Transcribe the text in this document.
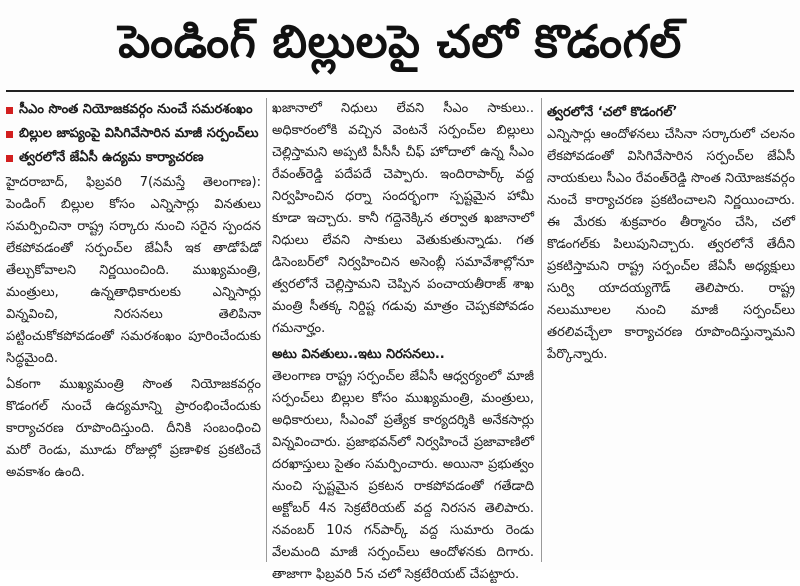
పెండింగ్ బిల్లులపై చలో కొడంగల్
సీఎం సొంత నియోజకవర్గం నుంచే సమరశంఖం
బిల్లుల జాప్యంపై విసిగివేసారిన మాజీ సర్పంచ్‌లు
త్వరలోనే జేఏసీ ఉద్యమ కార్యాచరణ

హైదరాబాద్, ఫిబ్రవరి 7(నమస్తే తెలంగాణ): పెండింగ్ బిల్లుల కోసం ఎన్నిసార్లు వినతులు సమర్పించినా రాష్ట్ర సర్కారు నుంచి సరైన స్పందన లేకపోవడంతో సర్పంచ్‌ల జేఏసీ ఇక తాడోపేడో తేల్చుకోవాలని నిర్ణయించింది. ముఖ్యమంత్రి, మంత్రులు, ఉన్నతాధికారులకు ఎన్నిసార్లు విన్నవించి, నిరసనలు తెలిపినా పట్టించుకోకపోవడంతో సమరశంఖం పూరించేందుకు సిద్ధమైంది.

ఏకంగా ముఖ్యమంత్రి సొంత నియోజకవర్గం కొడంగల్ నుంచే ఉద్యమాన్ని ప్రారంభించేందుకు కార్యాచరణ రూపొందిస్తుంది. దీనికి సంబంధించి మరో రెండు, మూడు రోజుల్లో ప్రణాళిక ప్రకటించే అవకాశం ఉంది.

ఖజానాలో నిధులు లేవని సీఎం సాకులు.. అధికారంలోకి వచ్చిన వెంటనే సర్పంచ్‌ల బిల్లులు చెల్లిస్తామని అప్పటి పీసీసీ చీఫ్ హోదాలో ఉన్న సీఎం రేవంత్‌రెడ్డి పదేపదే చెప్పారు. ఇందిరాపార్క్ వద్ద నిర్వహించిన ధర్నా సందర్భంగా స్పష్టమైన హామీ కూడా ఇచ్చారు. కానీ గద్దెనెక్కిన తర్వాత ఖజానాలో నిధులు లేవని సాకులు వెతుకుతున్నాడు. గత డిసెంబర్‌లో నిర్వహించిన అసెంబ్లీ సమావేశాల్లోనూ త్వరలోనే చెల్లిస్తామని చెప్పిన పంచాయతీరాజ్ శాఖ మంత్రి సీతక్క నిర్దిష్ట గడువు మాత్రం చెప్పకపోవడం గమనార్హం.

అటు వినతులు..ఇటు నిరసనలు..

తెలంగాణ రాష్ట్ర సర్పంచ్‌ల జేఏసీ ఆధ్వర్యంలో మాజీ సర్పంచ్‌లు బిల్లుల కోసం ముఖ్యమంత్రి, మంత్రులు, అధికారులు, సీఎంవో ప్రత్యేక కార్యదర్శికి అనేకసార్లు విన్నవించారు. ప్రజాభవన్‌లో నిర్వహించే ప్రజావాణిలో దరఖాస్తులు సైతం సమర్పించారు. అయినా ప్రభుత్వం నుంచి స్పష్టమైన ప్రకటన రాకపోవడంతో గతేడాది అక్టోబర్ 4న సెక్రటేరియట్ వద్ద నిరసన తెలిపారు. నవంబర్ 10న గన్‌పార్క్ వద్ద సుమారు రెండు వేలమంది మాజీ సర్పంచ్‌లు ఆందోళనకు దిగారు. తాజాగా ఫిబ్రవరి 5న చలో సెక్రటేరియట్ చేపట్టారు.

త్వరలోనే ‘చలో కొడంగల్’

ఎన్నిసార్లు ఆందోళనలు చేసినా సర్కారులో చలనం లేకపోవడంతో విసిగివేసారిన సర్పంచ్‌ల జేఏసీ నాయకులు సీఎం రేవంత్‌రెడ్డి సొంత నియోజకవర్గం నుంచే కార్యాచరణ ప్రకటించాలని నిర్ణయించారు. ఈ మేరకు శుక్రవారం తీర్మానం చేసి, చలో కొడంగల్‌కు పిలుపునిచ్చారు. త్వరలోనే తేదీని ప్రకటిస్తామని రాష్ట్ర సర్పంచ్‌ల జేఏసీ అధ్యక్షులు సుర్వి యాదయ్యగౌడ్ తెలిపారు. రాష్ట్ర నలుమూలల నుంచి మాజీ సర్పంచ్‌లు తరలివచ్చేలా కార్యాచరణ రూపొందిస్తున్నామని పేర్కొన్నారు.
